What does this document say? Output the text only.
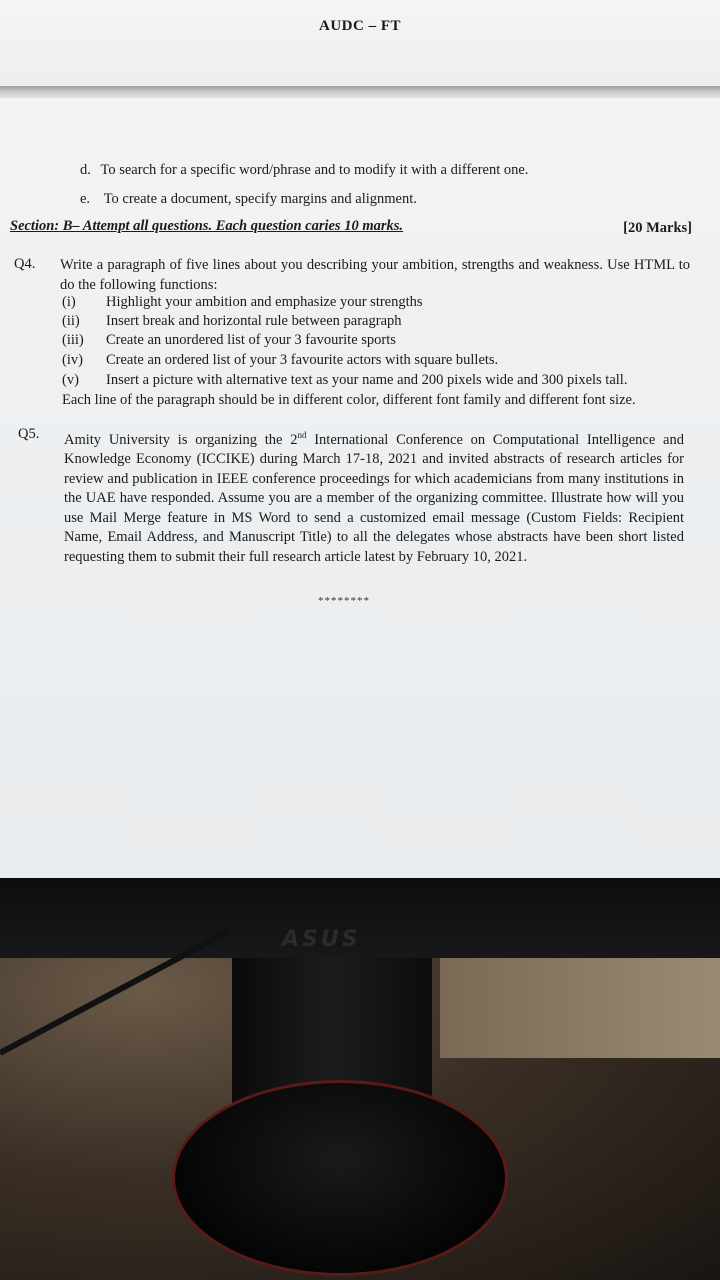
AUDC – FT
d. To search for a specific word/phrase and to modify it with a different one.
e. To create a document, specify margins and alignment.
Section: B– Attempt all questions. Each question caries 10 marks.	[20 Marks]
Q4. Write a paragraph of five lines about you describing your ambition, strengths and weakness. Use HTML to do the following functions:
(i) Highlight your ambition and emphasize your strengths
(ii) Insert break and horizontal rule between paragraph
(iii) Create an unordered list of your 3 favourite sports
(iv) Create an ordered list of your 3 favourite actors with square bullets.
(v) Insert a picture with alternative text as your name and 200 pixels wide and 300 pixels tall.
Each line of the paragraph should be in different color, different font family and different font size.
Q5. Amity University is organizing the 2nd International Conference on Computational Intelligence and Knowledge Economy (ICCIKE) during March 17-18, 2021 and invited abstracts of research articles for review and publication in IEEE conference proceedings for which academicians from many institutions in the UAE have responded. Assume you are a member of the organizing committee. Illustrate how will you use Mail Merge feature in MS Word to send a customized email message (Custom Fields: Recipient Name, Email Address, and Manuscript Title) to all the delegates whose abstracts have been short listed requesting them to submit their full research article latest by February 10, 2021.
********
ASUS
